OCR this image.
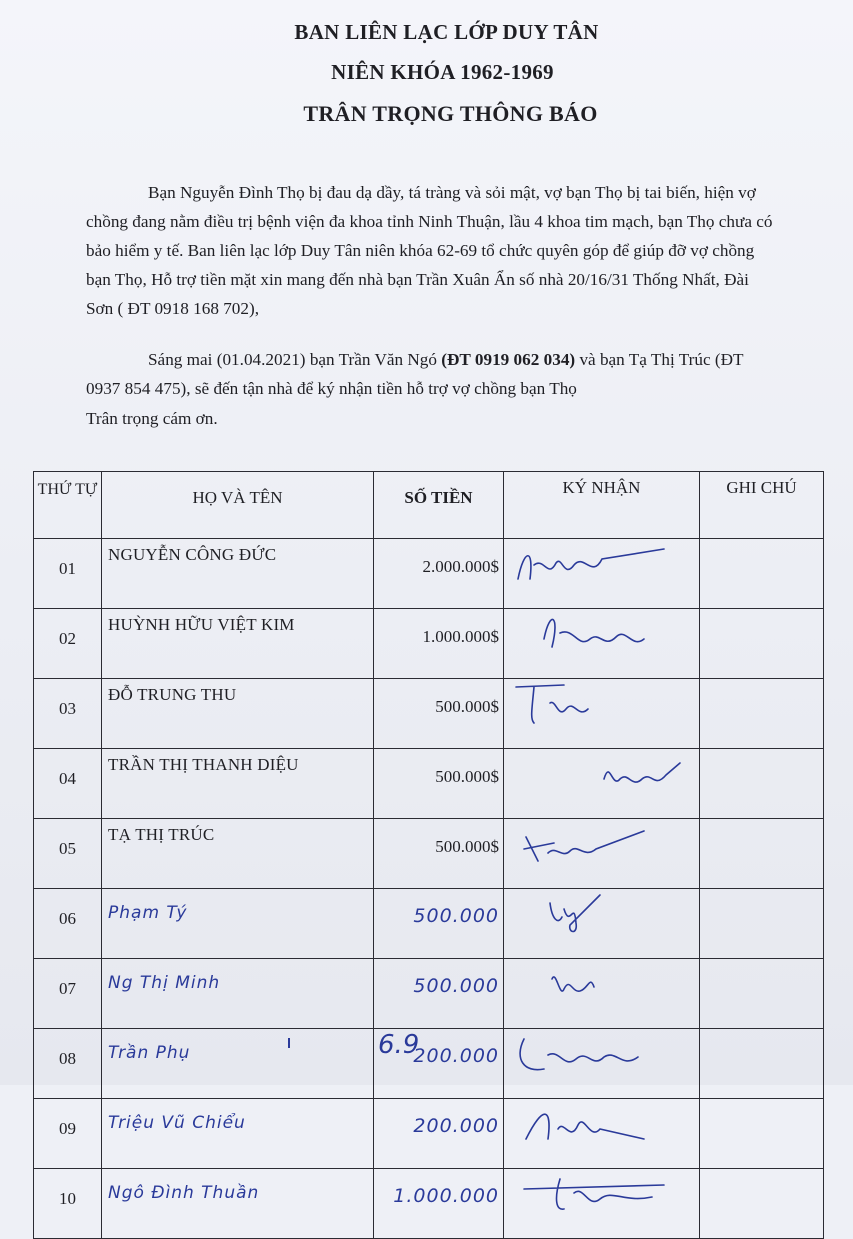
BAN LIÊN LẠC LỚP DUY TÂN
NIÊN KHÓA 1962-1969
TRÂN TRỌNG THÔNG BÁO
Bạn Nguyễn Đình Thọ bị đau dạ dầy, tá tràng và sỏi mật, vợ bạn Thọ bị tai biến, hiện vợ chồng đang nằm điều trị bệnh viện đa khoa tỉnh Ninh Thuận, lầu 4 khoa tim mạch, bạn Thọ chưa có bảo hiểm y tế. Ban liên lạc lớp Duy Tân niên khóa 62-69 tổ chức quyên góp để giúp đỡ vợ chồng bạn Thọ, Hỗ trợ tiền mặt xin mang đến nhà bạn Trần Xuân Ẩn số nhà 20/16/31 Thống Nhất, Đài Sơn ( ĐT 0918 168 702),
Sáng mai (01.04.2021) bạn Trần Văn Ngó (ĐT 0919 062 034) và bạn Tạ Thị Trúc (ĐT 0937 854 475), sẽ đến tận nhà để ký nhận tiền hỗ trợ vợ chồng bạn Thọ
Trân trọng cám ơn.
THỨ TỰ	HỌ VÀ TÊN	SỐ TIỀN	KÝ NHẬN	GHI CHÚ
01	NGUYỄN CÔNG ĐỨC	2.000.000$	

02	HUỲNH HỮU VIỆT KIM	1.000.000$	

03	ĐỖ TRUNG THU	500.000$	

04	TRẦN THỊ THANH DIỆU	500.000$	

05	TẠ THỊ TRÚC	500.000$	

06	Phạm Tý	500.000	

07	Ng Thị Minh	500.000	

08	Trần Phụ	200.000	

09	Triệu Vũ Chiểu	200.000	

10	Ngô Đình Thuần	1.000.000	

6.9
